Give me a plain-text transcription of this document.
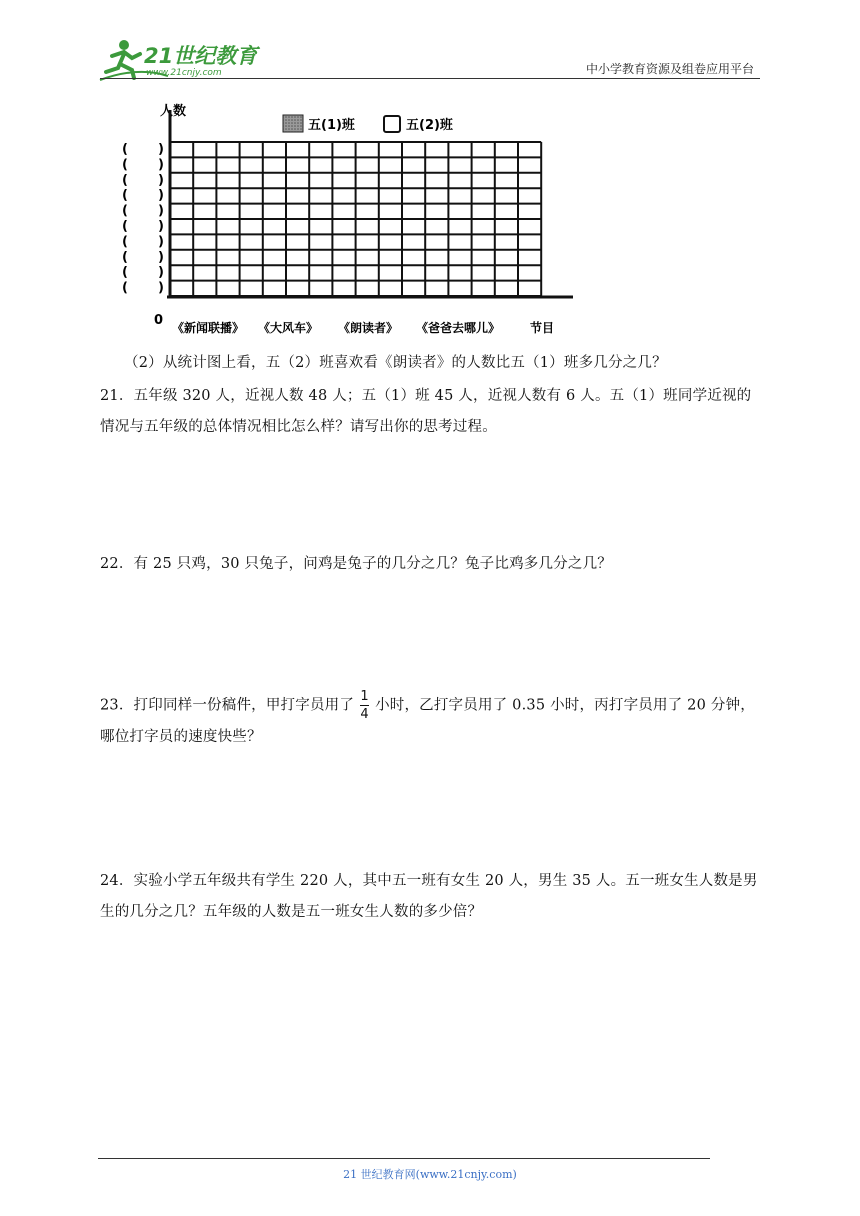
21世纪教育
www.21cnjy.com	中小学教育资源及组卷应用平台
人数
五(1)班	五(2)班
( )
( )
( )
( )
( )
( )
( )
( )
( )
( )
0 《新闻联播》 《大风车》 《朗读者》 《爸爸去哪儿》 节目
（2）从统计图上看，五（2）班喜欢看《朗读者》的人数比五（1）班多几分之几？
21．五年级 320 人，近视人数 48 人；五（1）班 45 人，近视人数有 6 人。五（1）班同学近视的情况与五年级的总体情况相比怎么样？请写出你的思考过程。
22．有 25 只鸡，30 只兔子，问鸡是兔子的几分之几？兔子比鸡多几分之几？
23．打印同样一份稿件，甲打字员用了 $\frac{1}{4}$ 小时，乙打字员用了 0.35 小时，丙打字员用了 20 分钟，哪位打字员的速度快些？
24．实验小学五年级共有学生 220 人，其中五一班有女生 20 人，男生 35 人。五一班女生人数是男生的几分之几？五年级的人数是五一班女生人数的多少倍？
21 世纪教育网(www.21cnjy.com)
